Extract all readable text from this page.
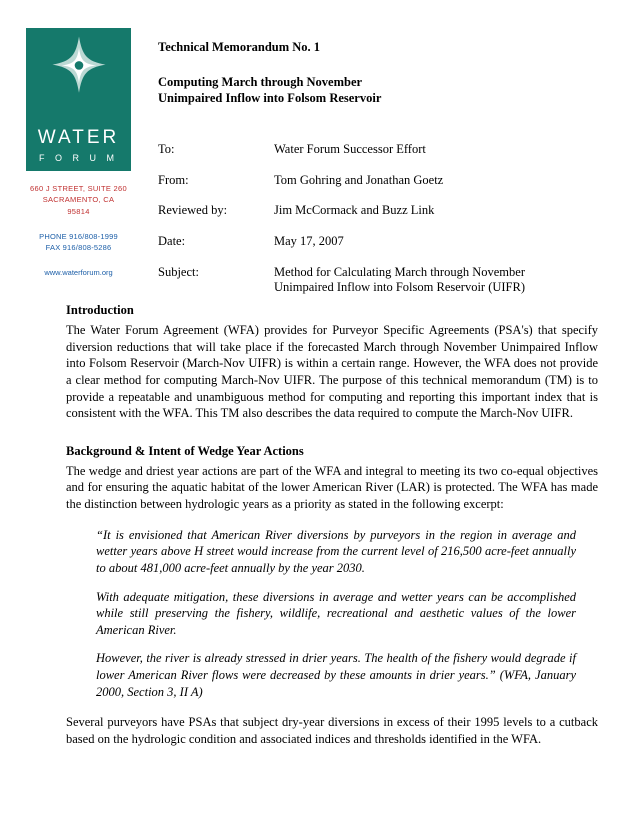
WATER
F O R U M
660 J STREET, SUITE 260
SACRAMENTO, CA
95814
PHONE 916/808-1999
FAX 916/808-5286
www.waterforum.org
Technical Memorandum No. 1
Computing March through November
Unimpaired Inflow into Folsom Reservoir
To:	Water Forum Successor Effort
From:	Tom Gohring and Jonathan Goetz
Reviewed by:	Jim McCormack and Buzz Link
Date:	May 17, 2007
Subject:	Method for Calculating March through November
Unimpaired Inflow into Folsom Reservoir (UIFR)
Introduction

The Water Forum Agreement (WFA) provides for Purveyor Specific Agreements (PSA's) that specify diversion reductions that will take place if the forecasted March through November Unimpaired Inflow into Folsom Reservoir (March-Nov UIFR) is within a certain range. However, the WFA does not provide a clear method for computing March-Nov UIFR. The purpose of this technical memorandum (TM) is to provide a repeatable and unambiguous method for computing and reporting this important index that is consistent with the WFA. This TM also describes the data required to compute the March-Nov UIFR.

Background & Intent of Wedge Year Actions

The wedge and driest year actions are part of the WFA and integral to meeting its two co-equal objectives and for ensuring the aquatic habitat of the lower American River (LAR) is protected. The WFA has made the distinction between hydrologic years as a priority as stated in the following excerpt:

“It is envisioned that American River diversions by purveyors in the region in average and wetter years above H street would increase from the current level of 216,500 acre-feet annually to about 481,000 acre-feet annually by the year 2030.

With adequate mitigation, these diversions in average and wetter years can be accomplished while still preserving the fishery, wildlife, recreational and aesthetic values of the lower American River.

However, the river is already stressed in drier years. The health of the fishery would degrade if lower American River flows were decreased by these amounts in drier years.” (WFA, January 2000, Section 3, II A)

Several purveyors have PSAs that subject dry-year diversions in excess of their 1995 levels to a cutback based on the hydrologic condition and associated indices and thresholds identified in the WFA.
